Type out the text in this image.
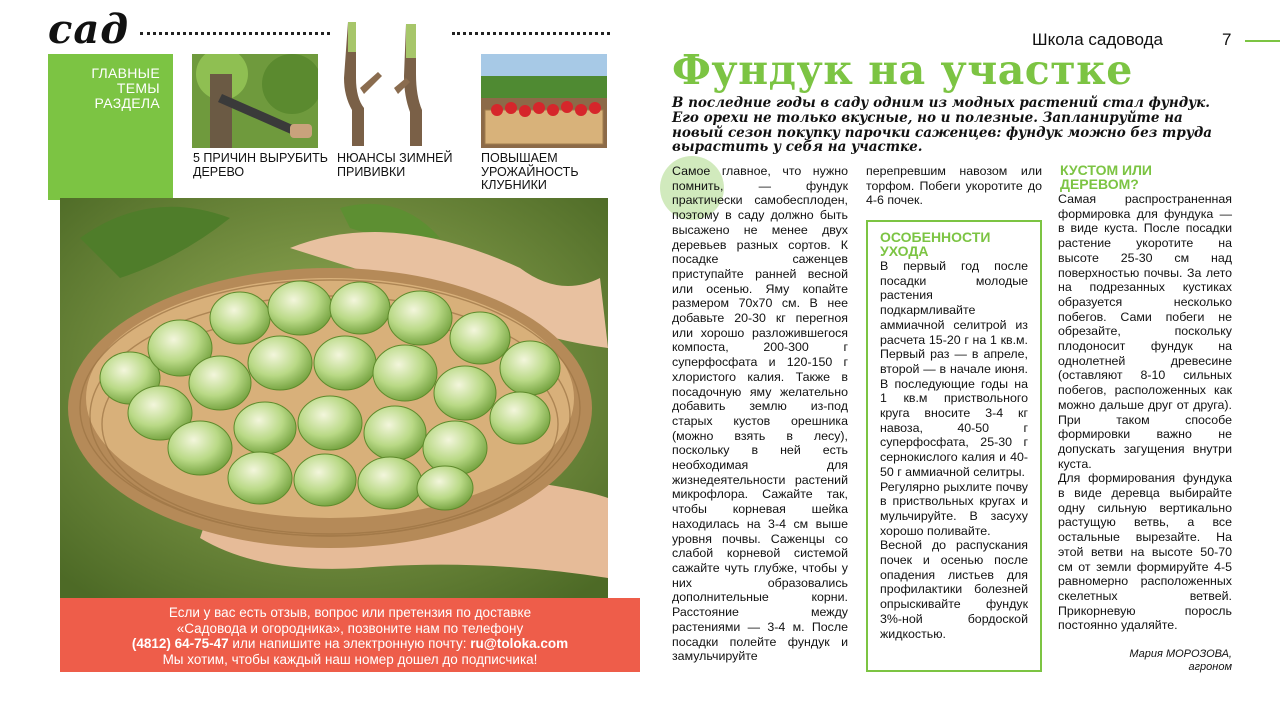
сад
ГЛАВНЫЕ ТЕМЫ РАЗДЕЛА
5 ПРИЧИН ВЫРУБИТЬ ДЕРЕВО
НЮАНСЫ ЗИМНЕЙ ПРИВИВКИ
ПОВЫШАЕМ УРОЖАЙНОСТЬ КЛУБНИКИ
Если у вас есть отзыв, вопрос или претензия по доставке
«Садовода и огородника», позвоните нам по телефону
(4812) 64-75-47 или напишите на электронную почту: ru@toloka.com
Мы хотим, чтобы каждый наш номер дошел до подписчика!
Школа садовода	7
Фундук на участке
В последние годы в саду одним из модных растений стал фундук. Его орехи не только вкусные, но и полезные. Запланируйте на новый сезон покупку парочки саженцев: фундук можно без труда вырастить у себя на участке.

Самое главное, что нужно помнить, — фундук практически самобесплоден, поэтому в саду должно быть высажено не менее двух деревьев разных сортов. К посадке саженцев приступайте ранней весной или осенью. Яму копайте размером 70х70 см. В нее добавьте 20-30 кг перегноя или хорошо разложившегося компоста, 200-300 г суперфосфата и 120-150 г хлористого калия. Также в посадочную яму желательно добавить землю из-под старых кустов орешника (можно взять в лесу), поскольку в ней есть необходимая для жизнедеятельности растений микрофлора. Сажайте так, чтобы корневая шейка находилась на 3-4 см выше уровня почвы. Саженцы со слабой корневой системой сажайте чуть глубже, чтобы у них образовались дополнительные корни. Расстояние между растениями — 3-4 м. После посадки полейте фундук и замульчируйте

перепревшим навозом или торфом. Побеги укоротите до 4-6 почек.

ОСОБЕННОСТИ УХОДА

В первый год после посадки молодые растения подкармливайте аммиачной селитрой из расчета 15-20 г на 1 кв.м. Первый раз — в апреле, второй — в начале июня. В последующие годы на 1 кв.м приствольного круга вносите 3-4 кг навоза, 40-50 г суперфосфата, 25-30 г сернокислого калия и 40-50 г аммиачной селитры.

Регулярно рыхлите почву в приствольных кругах и мульчируйте. В засуху хорошо поливайте.

Весной до распускания почек и осенью после опадения листьев для профилактики болезней опрыскивайте фундук 3%-ной бордоской жидкостью.

КУСТОМ ИЛИ ДЕРЕВОМ?

Самая распространенная формировка для фундука — в виде куста. После посадки растение укоротите на высоте 25-30 см над поверхностью почвы. За лето на подрезанных кустиках образуется несколько побегов. Сами побеги не обрезайте, поскольку плодоносит фундук на однолетней древесине (оставляют 8-10 сильных побегов, расположенных как можно дальше друг от друга). При таком способе формировки важно не допускать загущения внутри куста.

Для формирования фундука в виде деревца выбирайте одну сильную вертикально растущую ветвь, а все остальные вырезайте. На этой ветви на высоте 50-70 см от земли формируйте 4-5 равномерно расположенных скелетных ветвей. Прикорневую поросль постоянно удаляйте.

Мария МОРОЗОВА,
агроном
